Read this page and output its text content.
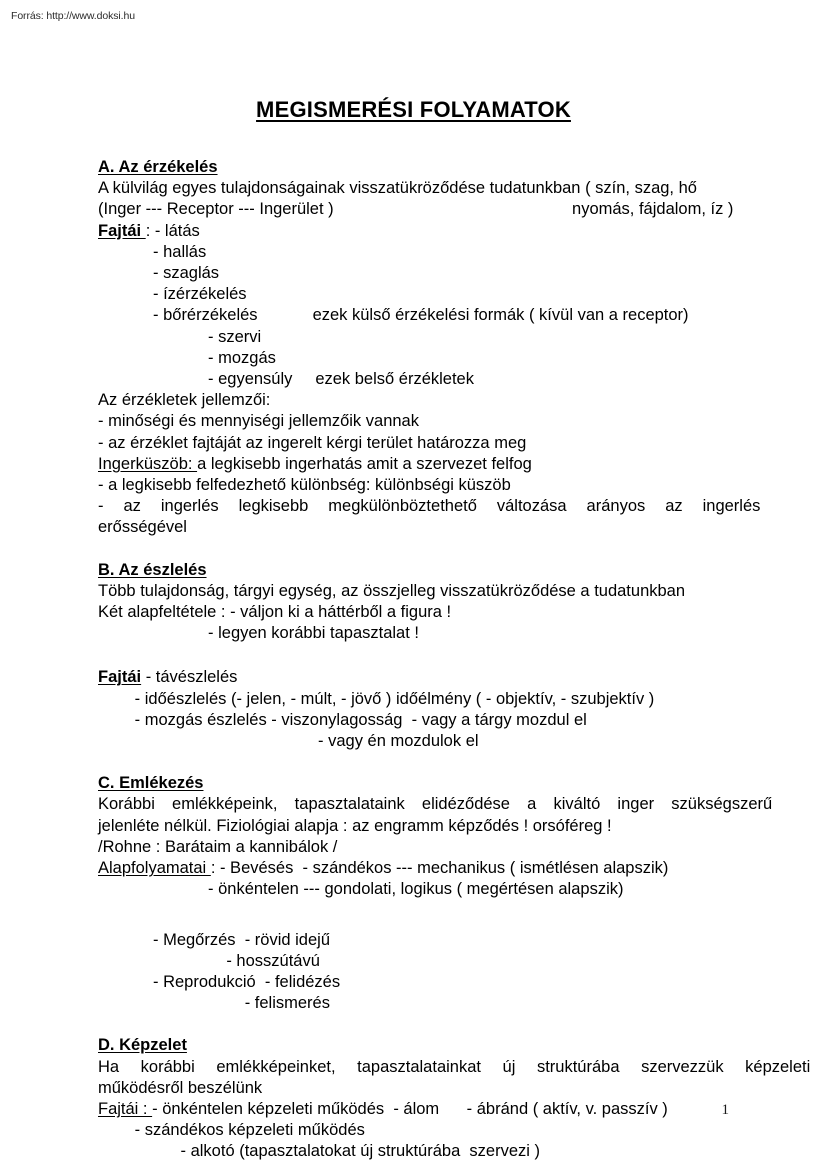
Forrás: http://www.doksi.hu
MEGISMERÉSI FOLYAMATOK
A. Az érzékelés
A külvilág egyes tulajdonságainak visszatükröződése tudatunkban ( szín, szag, hő
(Inger --- Receptor --- Ingerület )                                                    nyomás, fájdalom, íz )
Fajtái : - látás
- hallás
- szaglás
- ízérzékelés
- bőrérzékelés            ezek külső érzékelési formák ( kívül van a receptor)
- szervi
- mozgás
- egyensúly     ezek belső érzékletek
Az érzékletek jellemzői:
- minőségi és mennyiségi jellemzőik vannak
- az érzéklet fajtáját az ingerelt kérgi terület határozza meg
Ingerküszöb: a legkisebb ingerhatás amit a szervezet felfog
- a legkisebb felfedezhető különbség: különbségi küszöb
-  az  ingerlés  legkisebb  megkülönböztethető  változása  arányos  az  ingerlés
erősségével
B. Az észlelés
Több tulajdonság, tárgyi egység, az összjelleg visszatükröződése a tudatunkban
Két alapfeltétele : - váljon ki a háttérből a figura !
- legyen korábbi tapasztalat !
Fajtái - távészlelés
- időészlelés (- jelen, - múlt, - jövő ) időélmény ( - objektív, - szubjektív )
- mozgás észlelés - viszonylagosság  - vagy a tárgy mozdul el
- vagy én mozdulok el
C. Emlékezés
Korábbi  emlékképeink,  tapasztalataink  elidéződése  a  kiváltó  inger  szükségszerű
jelenléte nélkül. Fiziológiai alapja : az engramm képződés ! orsóféreg !
/Rohne : Barátaim a kannibálok /
Alapfolyamatai : - Bevésés  - szándékos --- mechanikus ( ismétlésen alapszik)
- önkéntelen --- gondolati, logikus ( megértésen alapszik)
- Megőrzés  - rövid idejű
- hosszútávú
- Reprodukció  - felidézés
- felismerés
D. Képzelet
Ha  korábbi  emlékképeinket,  tapasztalatainkat  új  struktúrába  szervezzük  képzeleti
működésről beszélünk
Fajtái : - önkéntelen képzeleti működés  - álom      - ábránd ( aktív, v. passzív )
- szándékos képzeleti működés
- alkotó (tapasztalatokat új struktúrába  szervezi )
1
